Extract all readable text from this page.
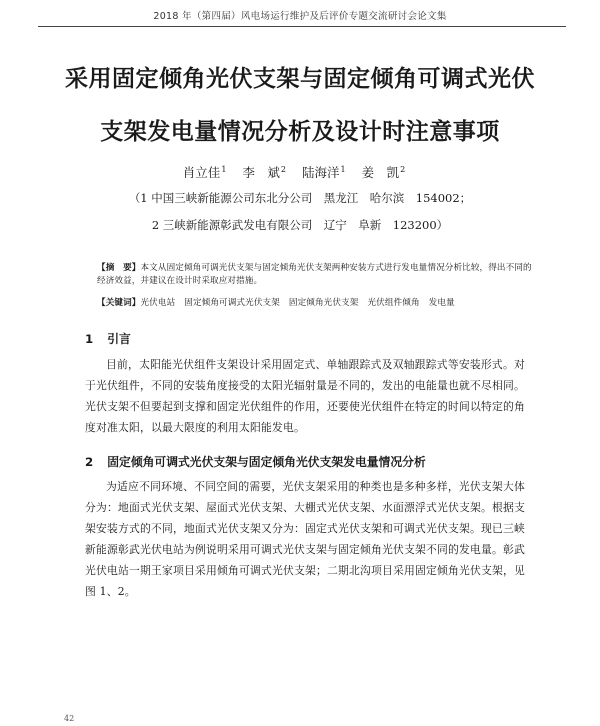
2018 年（第四届）风电场运行维护及后评价专题交流研讨会论文集
采用固定倾角光伏支架与固定倾角可调式光伏
支架发电量情况分析及设计时注意事项
肖立佳$^1$ 李　斌$^2$ 陆海洋$^1$ 姜　凯$^2$
（1 中国三峡新能源公司东北分公司　黑龙江　哈尔滨　154002；
2 三峡新能源彰武发电有限公司　辽宁　阜新　123200）
【摘　要】本文从固定倾角可调光伏支架与固定倾角光伏支架两种安装方式进行发电量情况分析比较，得出不同的经济效益，并建议在设计时采取应对措施。
【关键词】光伏电站 固定倾角可调式光伏支架 固定倾角光伏支架 光伏组件倾角 发电量
1 引言
目前，太阳能光伏组件支架设计采用固定式、单轴跟踪式及双轴跟踪式等安装形式。对于光伏组件，不同的安装角度接受的太阳光辐射量是不同的，发出的电能量也就不尽相同。光伏支架不但要起到支撑和固定光伏组件的作用，还要使光伏组件在特定的时间以特定的角度对准太阳，以最大限度的利用太阳能发电。
2 固定倾角可调式光伏支架与固定倾角光伏支架发电量情况分析
为适应不同环境、不同空间的需要，光伏支架采用的种类也是多种多样，光伏支架大体分为：地面式光伏支架、屋面式光伏支架、大棚式光伏支架、水面漂浮式光伏支架。根据支架安装方式的不同，地面式光伏支架又分为：固定式光伏支架和可调式光伏支架。现已三峡新能源彰武光伏电站为例说明采用可调式光伏支架与固定倾角光伏支架不同的发电量。彰武光伏电站一期王家项目采用倾角可调式光伏支架；二期北沟项目采用固定倾角光伏支架，见图 1、2。
42
